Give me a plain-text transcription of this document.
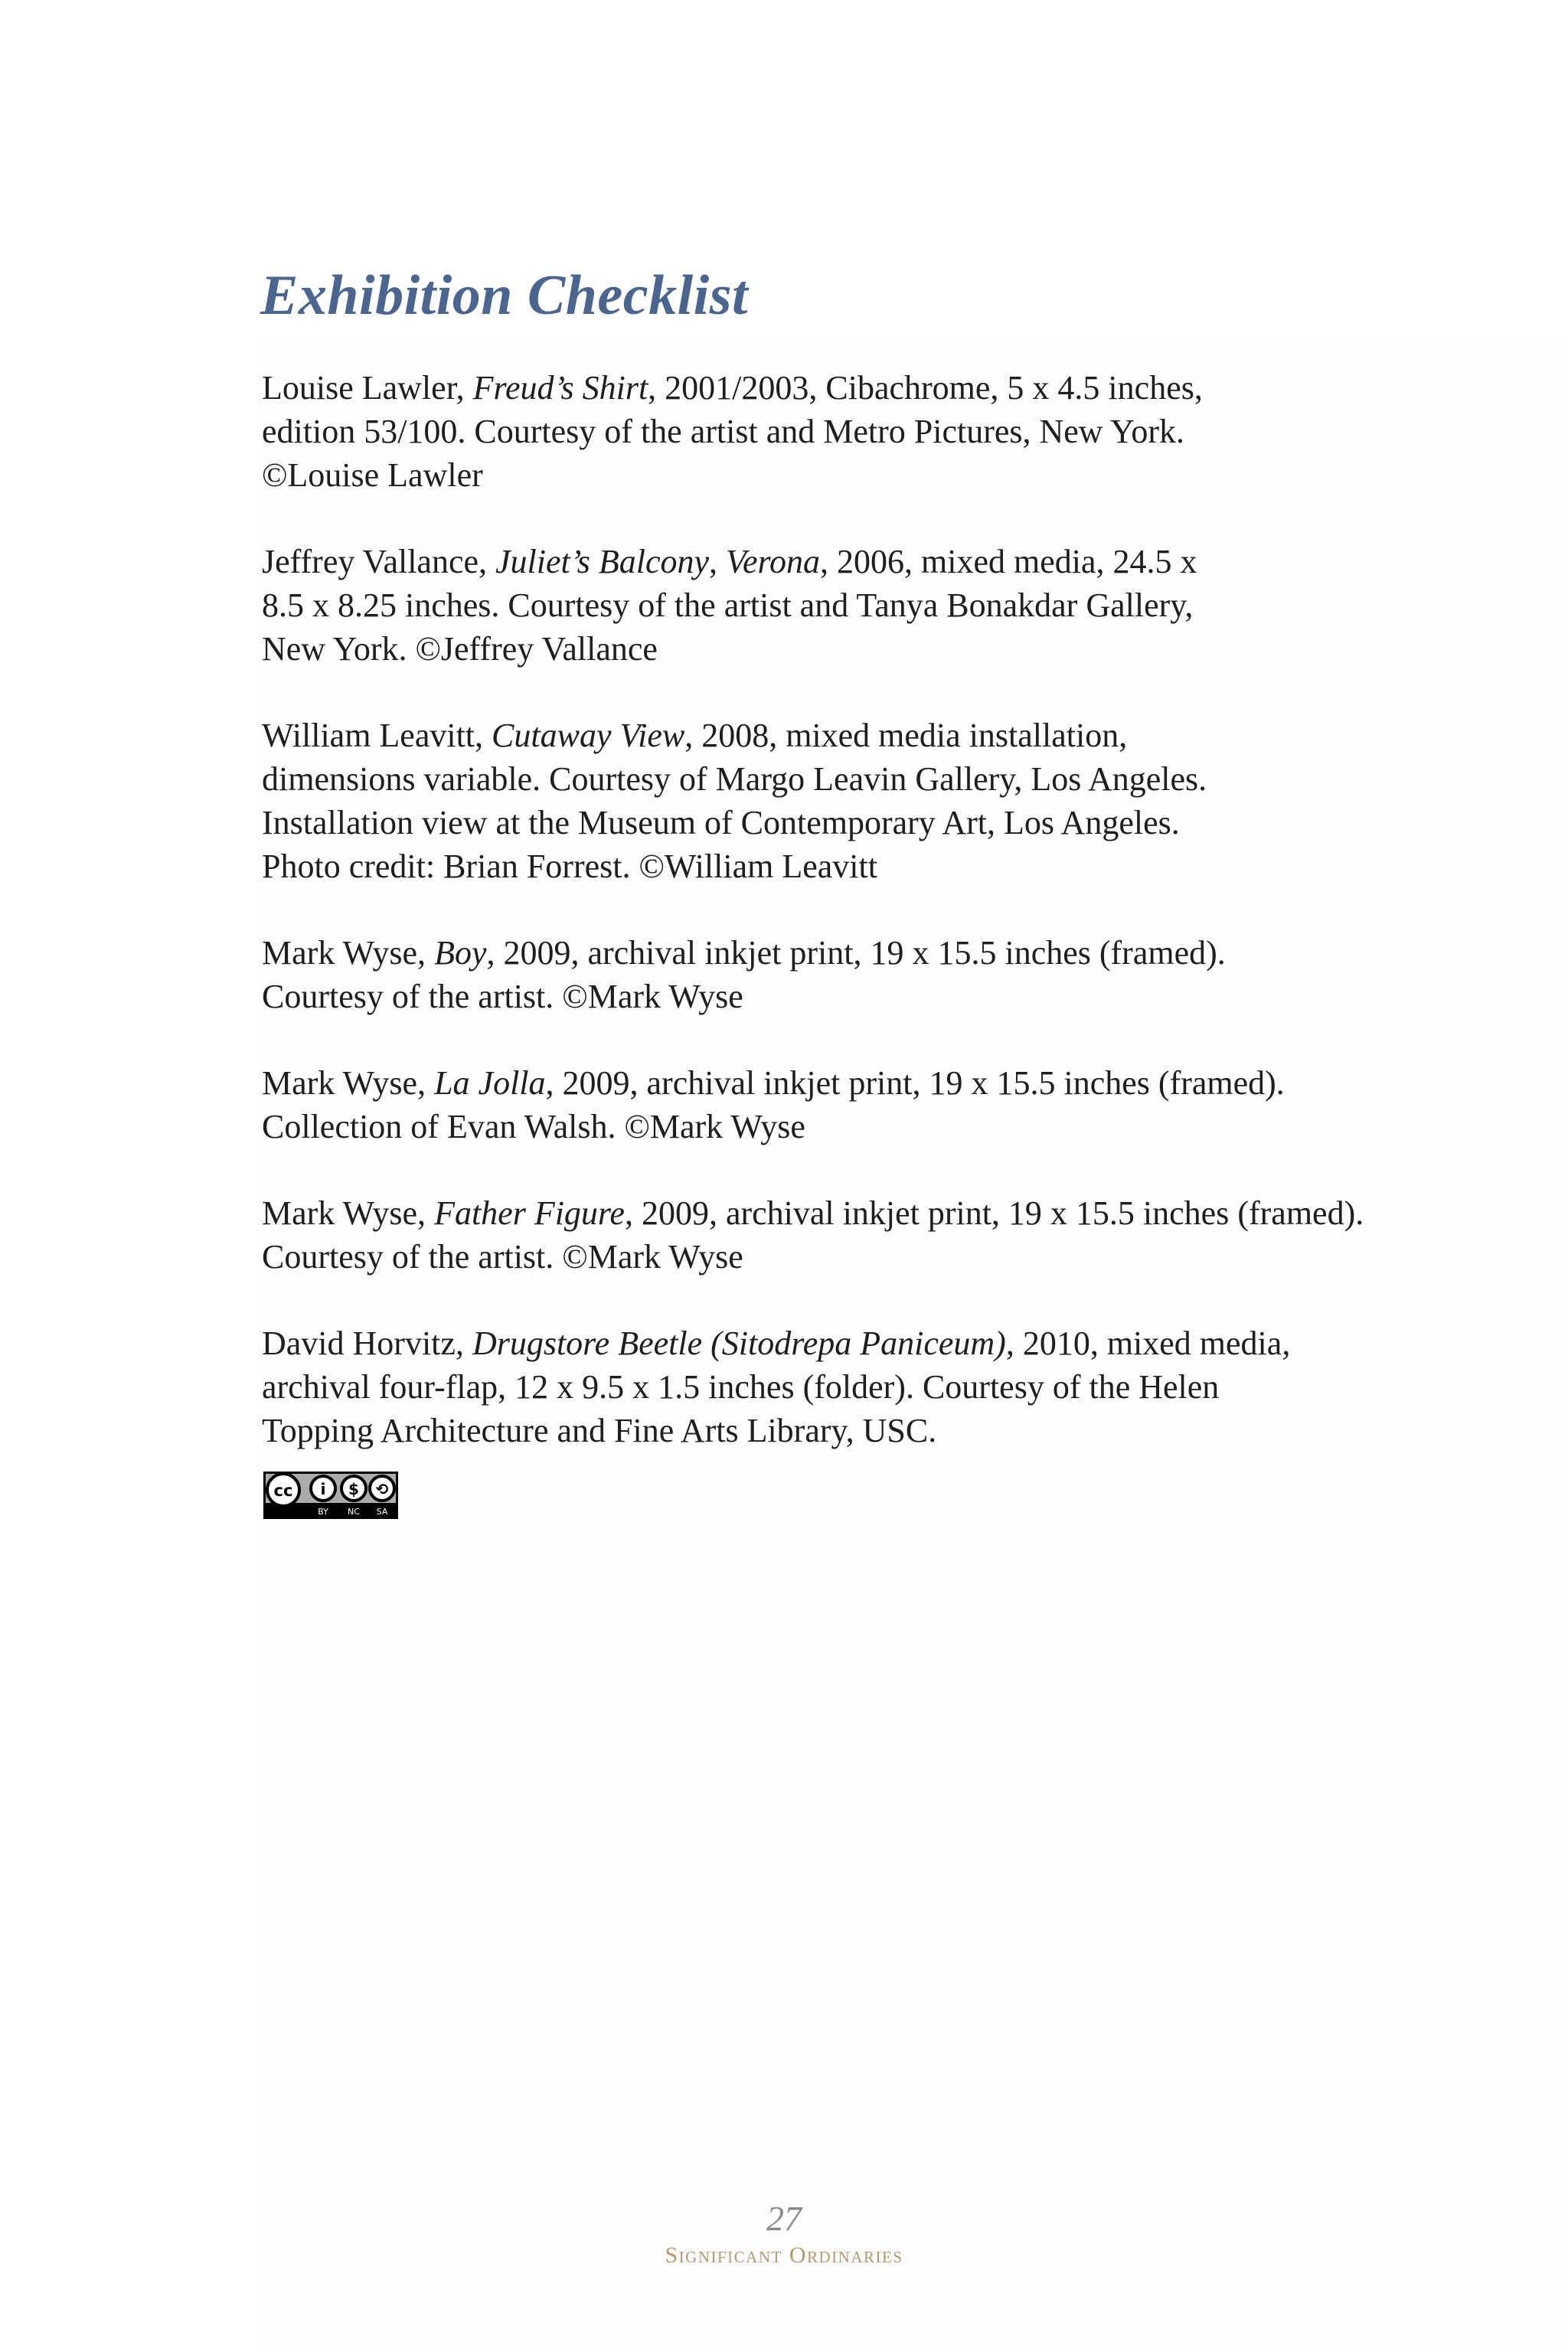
Exhibition Checklist

Louise Lawler, Freud’s Shirt, 2001/2003, Cibachrome, 5 x 4.5 inches,
edition 53/100. Courtesy of the artist and Metro Pictures, New York.
©Louise Lawler

Jeffrey Vallance, Juliet’s Balcony, Verona, 2006, mixed media, 24.5 x
8.5 x 8.25 inches. Courtesy of the artist and Tanya Bonakdar Gallery,
New York. ©Jeffrey Vallance

William Leavitt, Cutaway View, 2008, mixed media installation,
dimensions variable. Courtesy of Margo Leavin Gallery, Los Angeles.
Installation view at the Museum of Contemporary Art, Los Angeles.
Photo credit: Brian Forrest. ©William Leavitt

Mark Wyse, Boy, 2009, archival inkjet print, 19 x 15.5 inches (framed).
Courtesy of the artist. ©Mark Wyse

Mark Wyse, La Jolla, 2009, archival inkjet print, 19 x 15.5 inches (framed).
Collection of Evan Walsh. ©Mark Wyse

Mark Wyse, Father Figure, 2009, archival inkjet print, 19 x 15.5 inches (framed).
Courtesy of the artist. ©Mark Wyse

David Horvitz, Drugstore Beetle (Sitodrepa Paniceum), 2010, mixed media,
archival four-flap, 12 x 9.5 x 1.5 inches (folder). Courtesy of the Helen
Topping Architecture and Fine Arts Library, USC.

cc i $ ⟲
BY NC SA
27
Significant Ordinaries
